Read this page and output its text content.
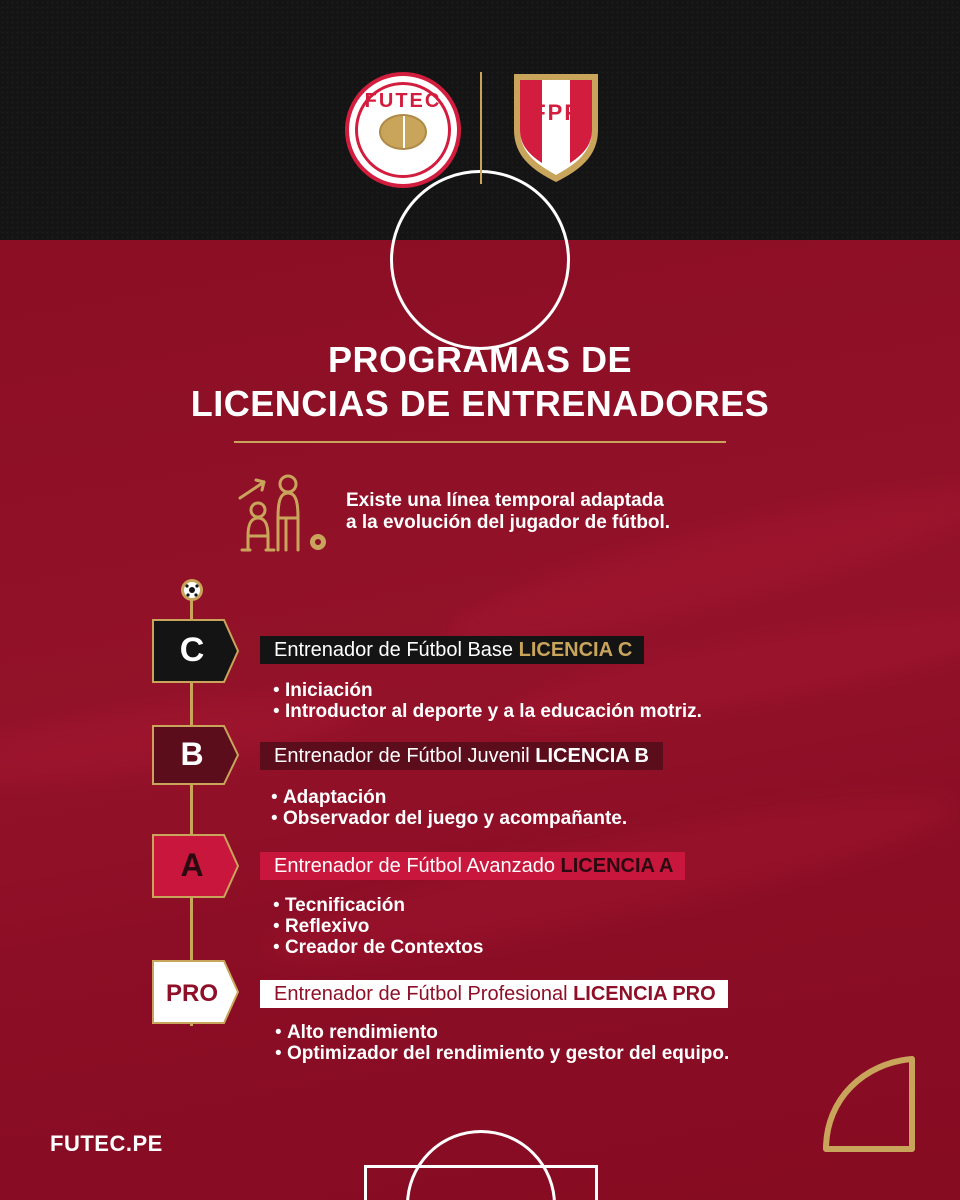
FUTEC	FPF
PROGRAMAS DE
LICENCIAS DE ENTRENADORES
Existe una línea temporal adaptada
a la evolución del jugador de fútbol.
C	Entrenador de Fútbol Base LICENCIA C
• Iniciación
• Introductor al deporte y a la educación motriz.
B	Entrenador de Fútbol Juvenil LICENCIA B
• Adaptación
• Observador del juego y acompañante.
A	Entrenador de Fútbol Avanzado LICENCIA A
• Tecnificación
• Reflexivo
• Creador de Contextos
PRO	Entrenador de Fútbol Profesional LICENCIA PRO
• Alto rendimiento
• Optimizador del rendimiento y gestor del equipo.
FUTEC.PE
